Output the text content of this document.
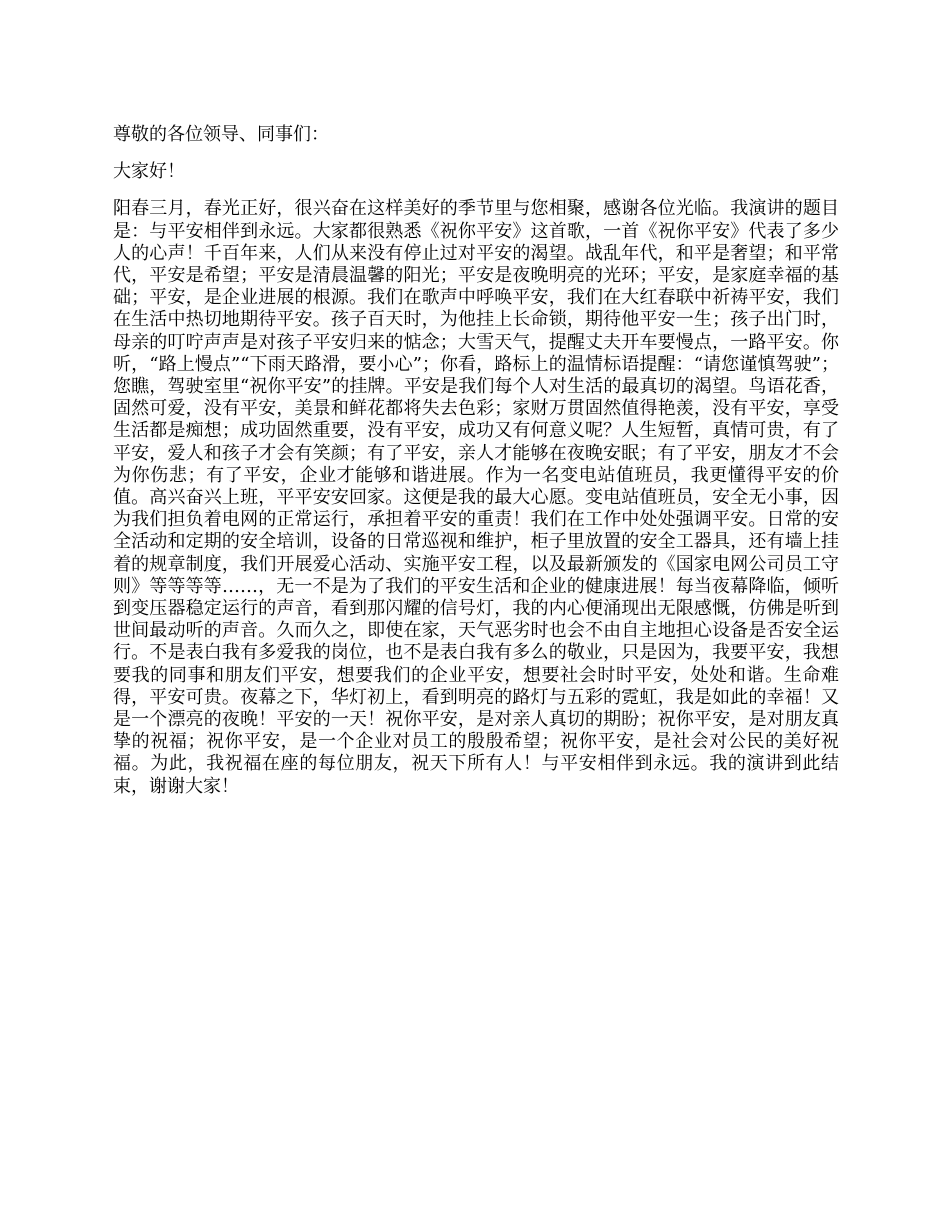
尊敬的各位领导、同事们：

大家好！

阳春三月，春光正好，很兴奋在这样美好的季节里与您相聚，感谢各位光临。我演讲的题目是：与平安相伴到永远。大家都很熟悉《祝你平安》这首歌，一首《祝你平安》代表了多少人的心声！千百年来，人们从来没有停止过对平安的渴望。战乱年代，和平是奢望；和平常代，平安是希望；平安是清晨温馨的阳光；平安是夜晚明亮的光环；平安，是家庭幸福的基础；平安，是企业进展的根源。我们在歌声中呼唤平安，我们在大红春联中祈祷平安，我们在生活中热切地期待平安。孩子百天时，为他挂上长命锁，期待他平安一生；孩子出门时，母亲的叮咛声声是对孩子平安归来的惦念；大雪天气，提醒丈夫开车要慢点，一路平安。你听，“路上慢点”“下雨天路滑，要小心”；你看，路标上的温情标语提醒：“请您谨慎驾驶”；您瞧，驾驶室里“祝你平安”的挂牌。平安是我们每个人对生活的最真切的渴望。鸟语花香，固然可爱，没有平安，美景和鲜花都将失去色彩；家财万贯固然值得艳羡，没有平安，享受生活都是痴想；成功固然重要，没有平安，成功又有何意义呢？人生短暂，真情可贵，有了平安，爱人和孩子才会有笑颜；有了平安，亲人才能够在夜晚安眠；有了平安，朋友才不会为你伤悲；有了平安，企业才能够和谐进展。作为一名变电站值班员，我更懂得平安的价值。高兴奋兴上班，平平安安回家。这便是我的最大心愿。变电站值班员，安全无小事，因为我们担负着电网的正常运行，承担着平安的重责！我们在工作中处处强调平安。日常的安全活动和定期的安全培训，设备的日常巡视和维护，柜子里放置的安全工器具，还有墙上挂着的规章制度，我们开展爱心活动、实施平安工程，以及最新颁发的《国家电网公司员工守则》等等等等……，无一不是为了我们的平安生活和企业的健康进展！每当夜幕降临，倾听到变压器稳定运行的声音，看到那闪耀的信号灯，我的内心便涌现出无限感慨，仿佛是听到世间最动听的声音。久而久之，即使在家，天气恶劣时也会不由自主地担心设备是否安全运行。不是表白我有多爱我的岗位，也不是表白我有多么的敬业，只是因为，我要平安，我想要我的同事和朋友们平安，想要我们的企业平安，想要社会时时平安，处处和谐。生命难得，平安可贵。夜幕之下，华灯初上，看到明亮的路灯与五彩的霓虹，我是如此的幸福！又是一个漂亮的夜晚！平安的一天！祝你平安，是对亲人真切的期盼；祝你平安，是对朋友真挚的祝福；祝你平安，是一个企业对员工的殷殷希望；祝你平安，是社会对公民的美好祝福。为此，我祝福在座的每位朋友，祝天下所有人！与平安相伴到永远。我的演讲到此结束，谢谢大家！
